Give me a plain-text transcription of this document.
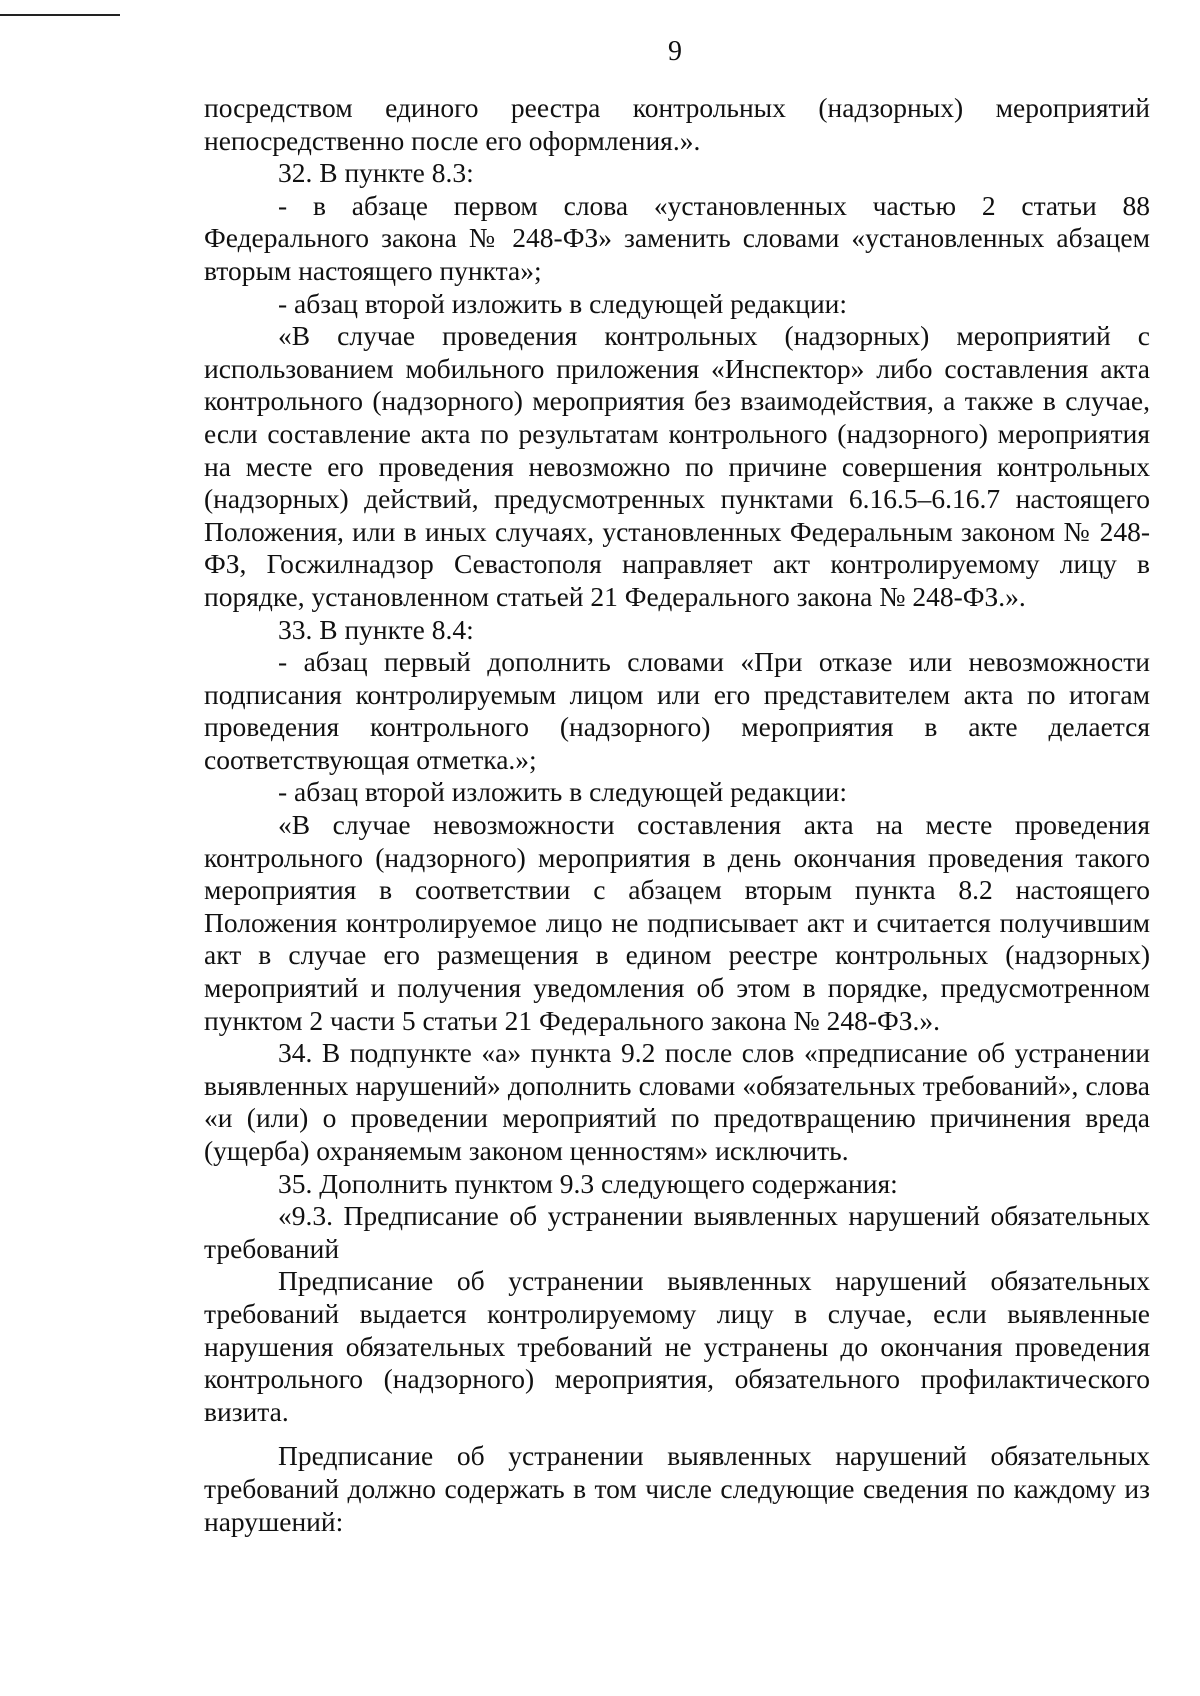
9

посредством единого реестра контрольных (надзорных) мероприятий непосредственно после его оформления.».

32. В пункте 8.3:

- в абзаце первом слова «установленных частью 2 статьи 88 Федерального закона № 248-ФЗ» заменить словами «установленных абзацем вторым настоящего пункта»;

- абзац второй изложить в следующей редакции:

«В случае проведения контрольных (надзорных) мероприятий с использованием мобильного приложения «Инспектор» либо составления акта контрольного (надзорного) мероприятия без взаимодействия, а также в случае, если составление акта по результатам контрольного (надзорного) мероприятия на месте его проведения невозможно по причине совершения контрольных (надзорных) действий, предусмотренных пунктами 6.16.5–6.16.7 настоящего Положения, или в иных случаях, установленных Федеральным законом № 248-ФЗ, Госжилнадзор Севастополя направляет акт контролируемому лицу в порядке, установленном статьей 21 Федерального закона № 248-ФЗ.».

33. В пункте 8.4:

- абзац первый дополнить словами «При отказе или невозможности подписания контролируемым лицом или его представителем акта по итогам проведения контрольного (надзорного) мероприятия в акте делается соответствующая отметка.»;

- абзац второй изложить в следующей редакции:

«В случае невозможности составления акта на месте проведения контрольного (надзорного) мероприятия в день окончания проведения такого мероприятия в соответствии с абзацем вторым пункта 8.2 настоящего Положения контролируемое лицо не подписывает акт и считается получившим акт в случае его размещения в едином реестре контрольных (надзорных) мероприятий и получения уведомления об этом в порядке, предусмотренном пунктом 2 части 5 статьи 21 Федерального закона № 248-ФЗ.».

34. В подпункте «а» пункта 9.2 после слов «предписание об устранении выявленных нарушений» дополнить словами «обязательных требований», слова «и (или) о проведении мероприятий по предотвращению причинения вреда (ущерба) охраняемым законом ценностям» исключить.

35. Дополнить пунктом 9.3 следующего содержания:

«9.3. Предписание об устранении выявленных нарушений обязательных требований

Предписание об устранении выявленных нарушений обязательных требований выдается контролируемому лицу в случае, если выявленные нарушения обязательных требований не устранены до окончания проведения контрольного (надзорного) мероприятия, обязательного профилактического визита.

Предписание об устранении выявленных нарушений обязательных требований должно содержать в том числе следующие сведения по каждому из нарушений:
